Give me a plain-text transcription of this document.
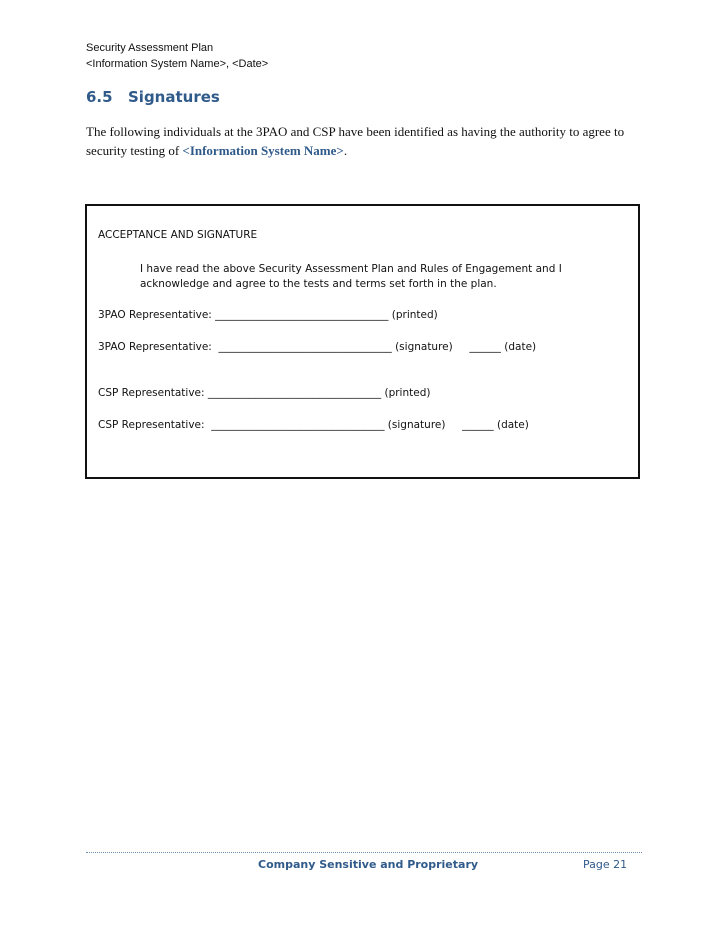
Security Assessment Plan
<Information System Name>, <Date>
6.5	Signatures
The following individuals at the 3PAO and CSP have been identified as having the authority to agree to security testing of <Information System Name>.
ACCEPTANCE AND SIGNATURE
I have read the above Security Assessment Plan and Rules of Engagement and I acknowledge and agree to the tests and terms set forth in the plan.
3PAO Representative: _________________________________ (printed)
3PAO Representative:  _________________________________ (signature)     ______ (date)
CSP Representative: _________________________________ (printed)
CSP Representative:  _________________________________ (signature)     ______ (date)
Company Sensitive and Proprietary	Page 21
